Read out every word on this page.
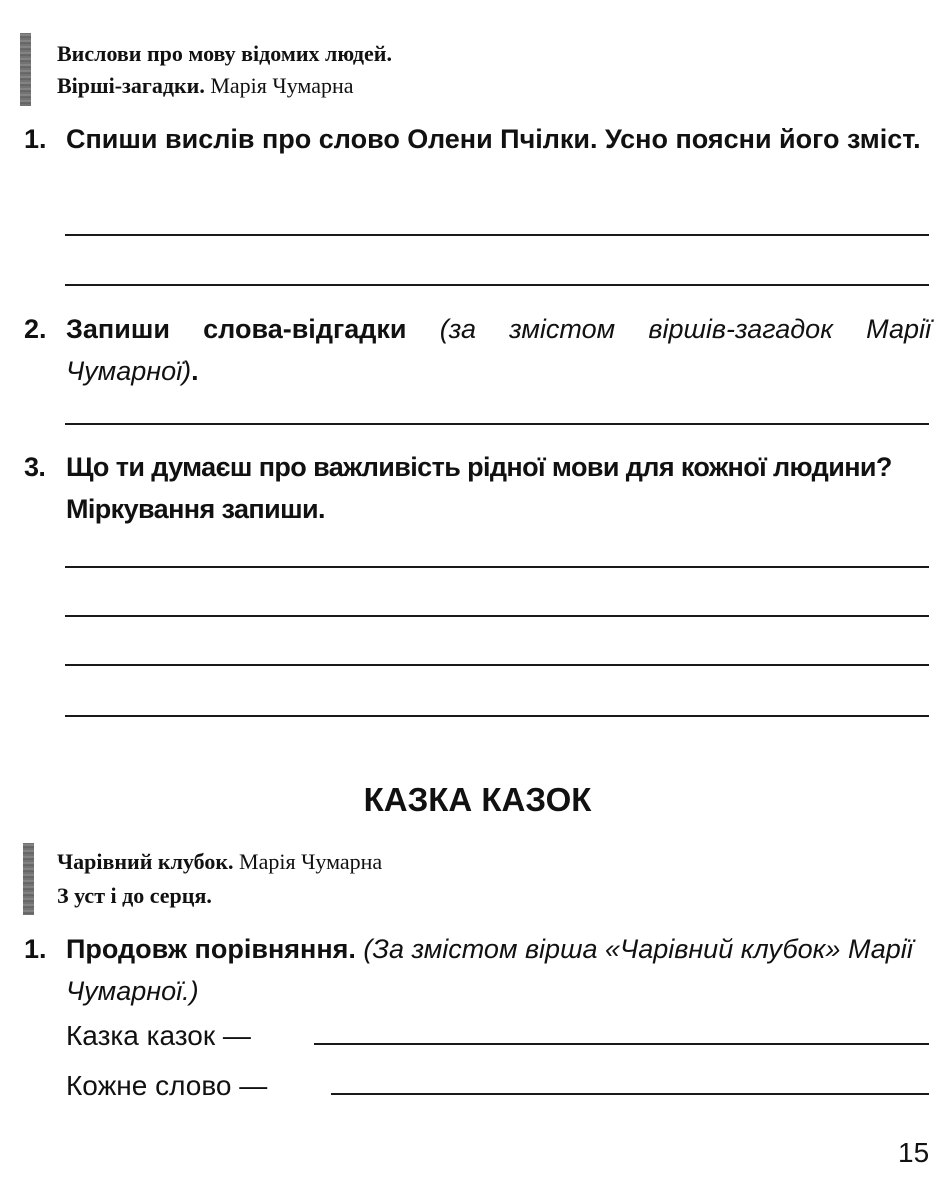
Вислови про мову відомих людей.
Вірші-загадки. Марія Чумарна
1. Спиши вислів про слово Олени Пчілки. Усно поясни його зміст.
2. Запиши слова-відгадки (за змістом віршів-загадок Марії Чумарної).
3. Що ти думаєш про важливість рідної мови для кожної людини? Міркування запиши.
КАЗКА КАЗОК
Чарівний клубок. Марія Чумарна
З уст і до серця.
1. Продовж порівняння. (За змістом вірша «Чарівний клубок» Марії Чумарної.)
Казка казок —
Кожне слово —
15
